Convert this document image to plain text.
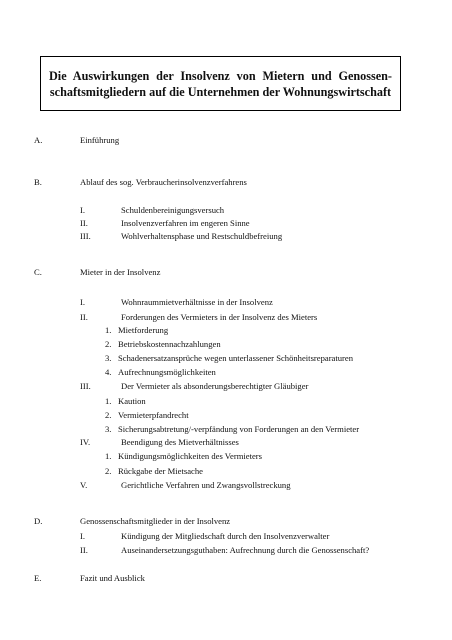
Die Auswirkungen der Insolvenz von Mietern und Genossen-schaftsmitgliedern auf die Unternehmen der Wohnungswirtschaft
A.	Einführung
B.	Ablauf des sog. Verbraucherinsolvenzverfahrens
I.	Schuldenbereinigungsversuch
II.	Insolvenzverfahren im engeren Sinne
III.	Wohlverhaltensphase und Restschuldbefreiung
C.	Mieter in der Insolvenz
I.	Wohnraummietverhältnisse in der Insolvenz
II.	Forderungen des Vermieters in der Insolvenz des Mieters
1. Mietforderung
2. Betriebskostennachzahlungen
3. Schadenersatzansprüche wegen unterlassener Schönheitsreparaturen
4. Aufrechnungsmöglichkeiten
III.	Der Vermieter als absonderungsberechtigter Gläubiger
1. Kaution
2. Vermieterpfandrecht
3. Sicherungsabtretung/-verpfändung von Forderungen an den Vermieter
IV.	Beendigung des Mietverhältnisses
1. Kündigungsmöglichkeiten des Vermieters
2. Rückgabe der Mietsache
V.	Gerichtliche Verfahren und Zwangsvollstreckung
D.	Genossenschaftsmitglieder in der Insolvenz
I.	Kündigung der Mitgliedschaft durch den Insolvenzverwalter
II.	Auseinandersetzungsguthaben: Aufrechnung durch die Genossenschaft?
E.	Fazit und Ausblick
